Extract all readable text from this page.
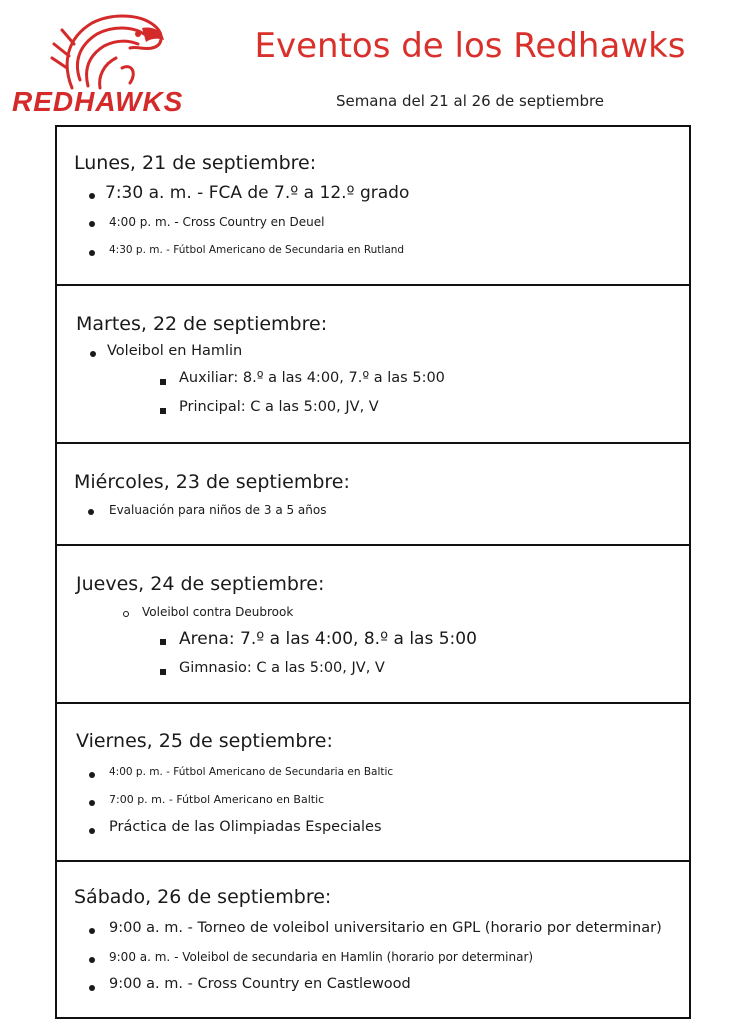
REDHAWKS
Eventos de los Redhawks
Semana del 21 al 26 de septiembre
Lunes, 21 de septiembre:
7:30 a. m. - FCA de 7.º a 12.º grado
4:00 p. m. - Cross Country en Deuel
4:30 p. m. - Fútbol Americano de Secundaria en Rutland
Martes, 22 de septiembre:
Voleibol en Hamlin
Auxiliar: 8.º a las 4:00, 7.º a las 5:00
Principal: C a las 5:00, JV, V
Miércoles, 23 de septiembre:
Evaluación para niños de 3 a 5 años
Jueves, 24 de septiembre:
Voleibol contra Deubrook
Arena: 7.º a las 4:00, 8.º a las 5:00
Gimnasio: C a las 5:00, JV, V
Viernes, 25 de septiembre:
4:00 p. m. - Fútbol Americano de Secundaria en Baltic
7:00 p. m. - Fútbol Americano en Baltic
Práctica de las Olimpiadas Especiales
Sábado, 26 de septiembre:
9:00 a. m. - Torneo de voleibol universitario en GPL (horario por determinar)
9:00 a. m. - Voleibol de secundaria en Hamlin (horario por determinar)
9:00 a. m. - Cross Country en Castlewood
